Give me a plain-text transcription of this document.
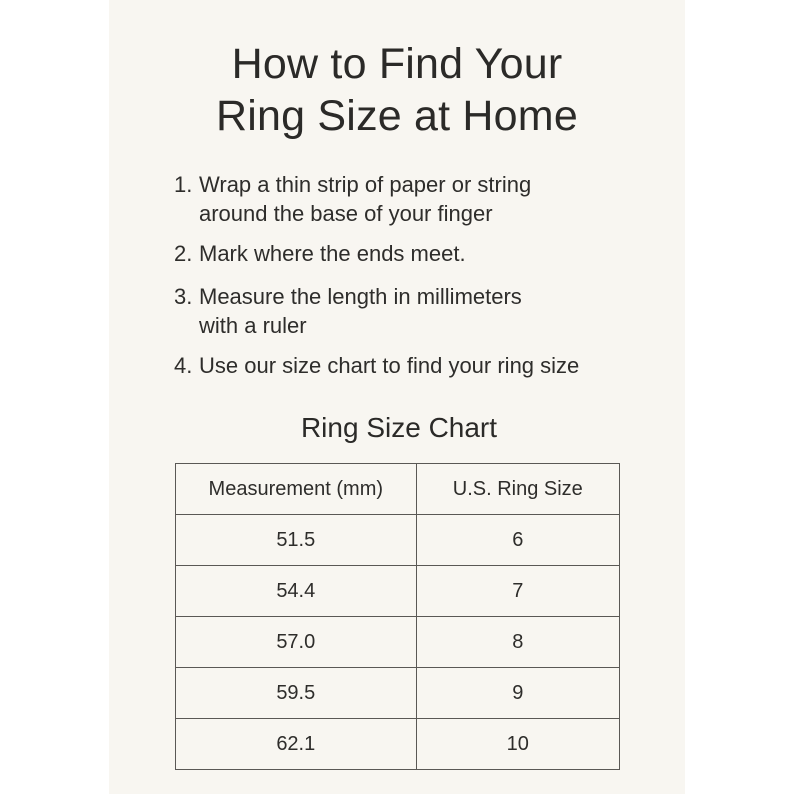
How to Find Your
Ring Size at Home
1. Wrap a thin strip of paper or string
around the base of your finger
2. Mark where the ends meet.
3. Measure the length in millimeters
with a ruler
4. Use our size chart to find your ring size
Ring Size Chart
Measurement (mm)	U.S. Ring Size
51.5	6
54.4	7
57.0	8
59.5	9
62.1	10
